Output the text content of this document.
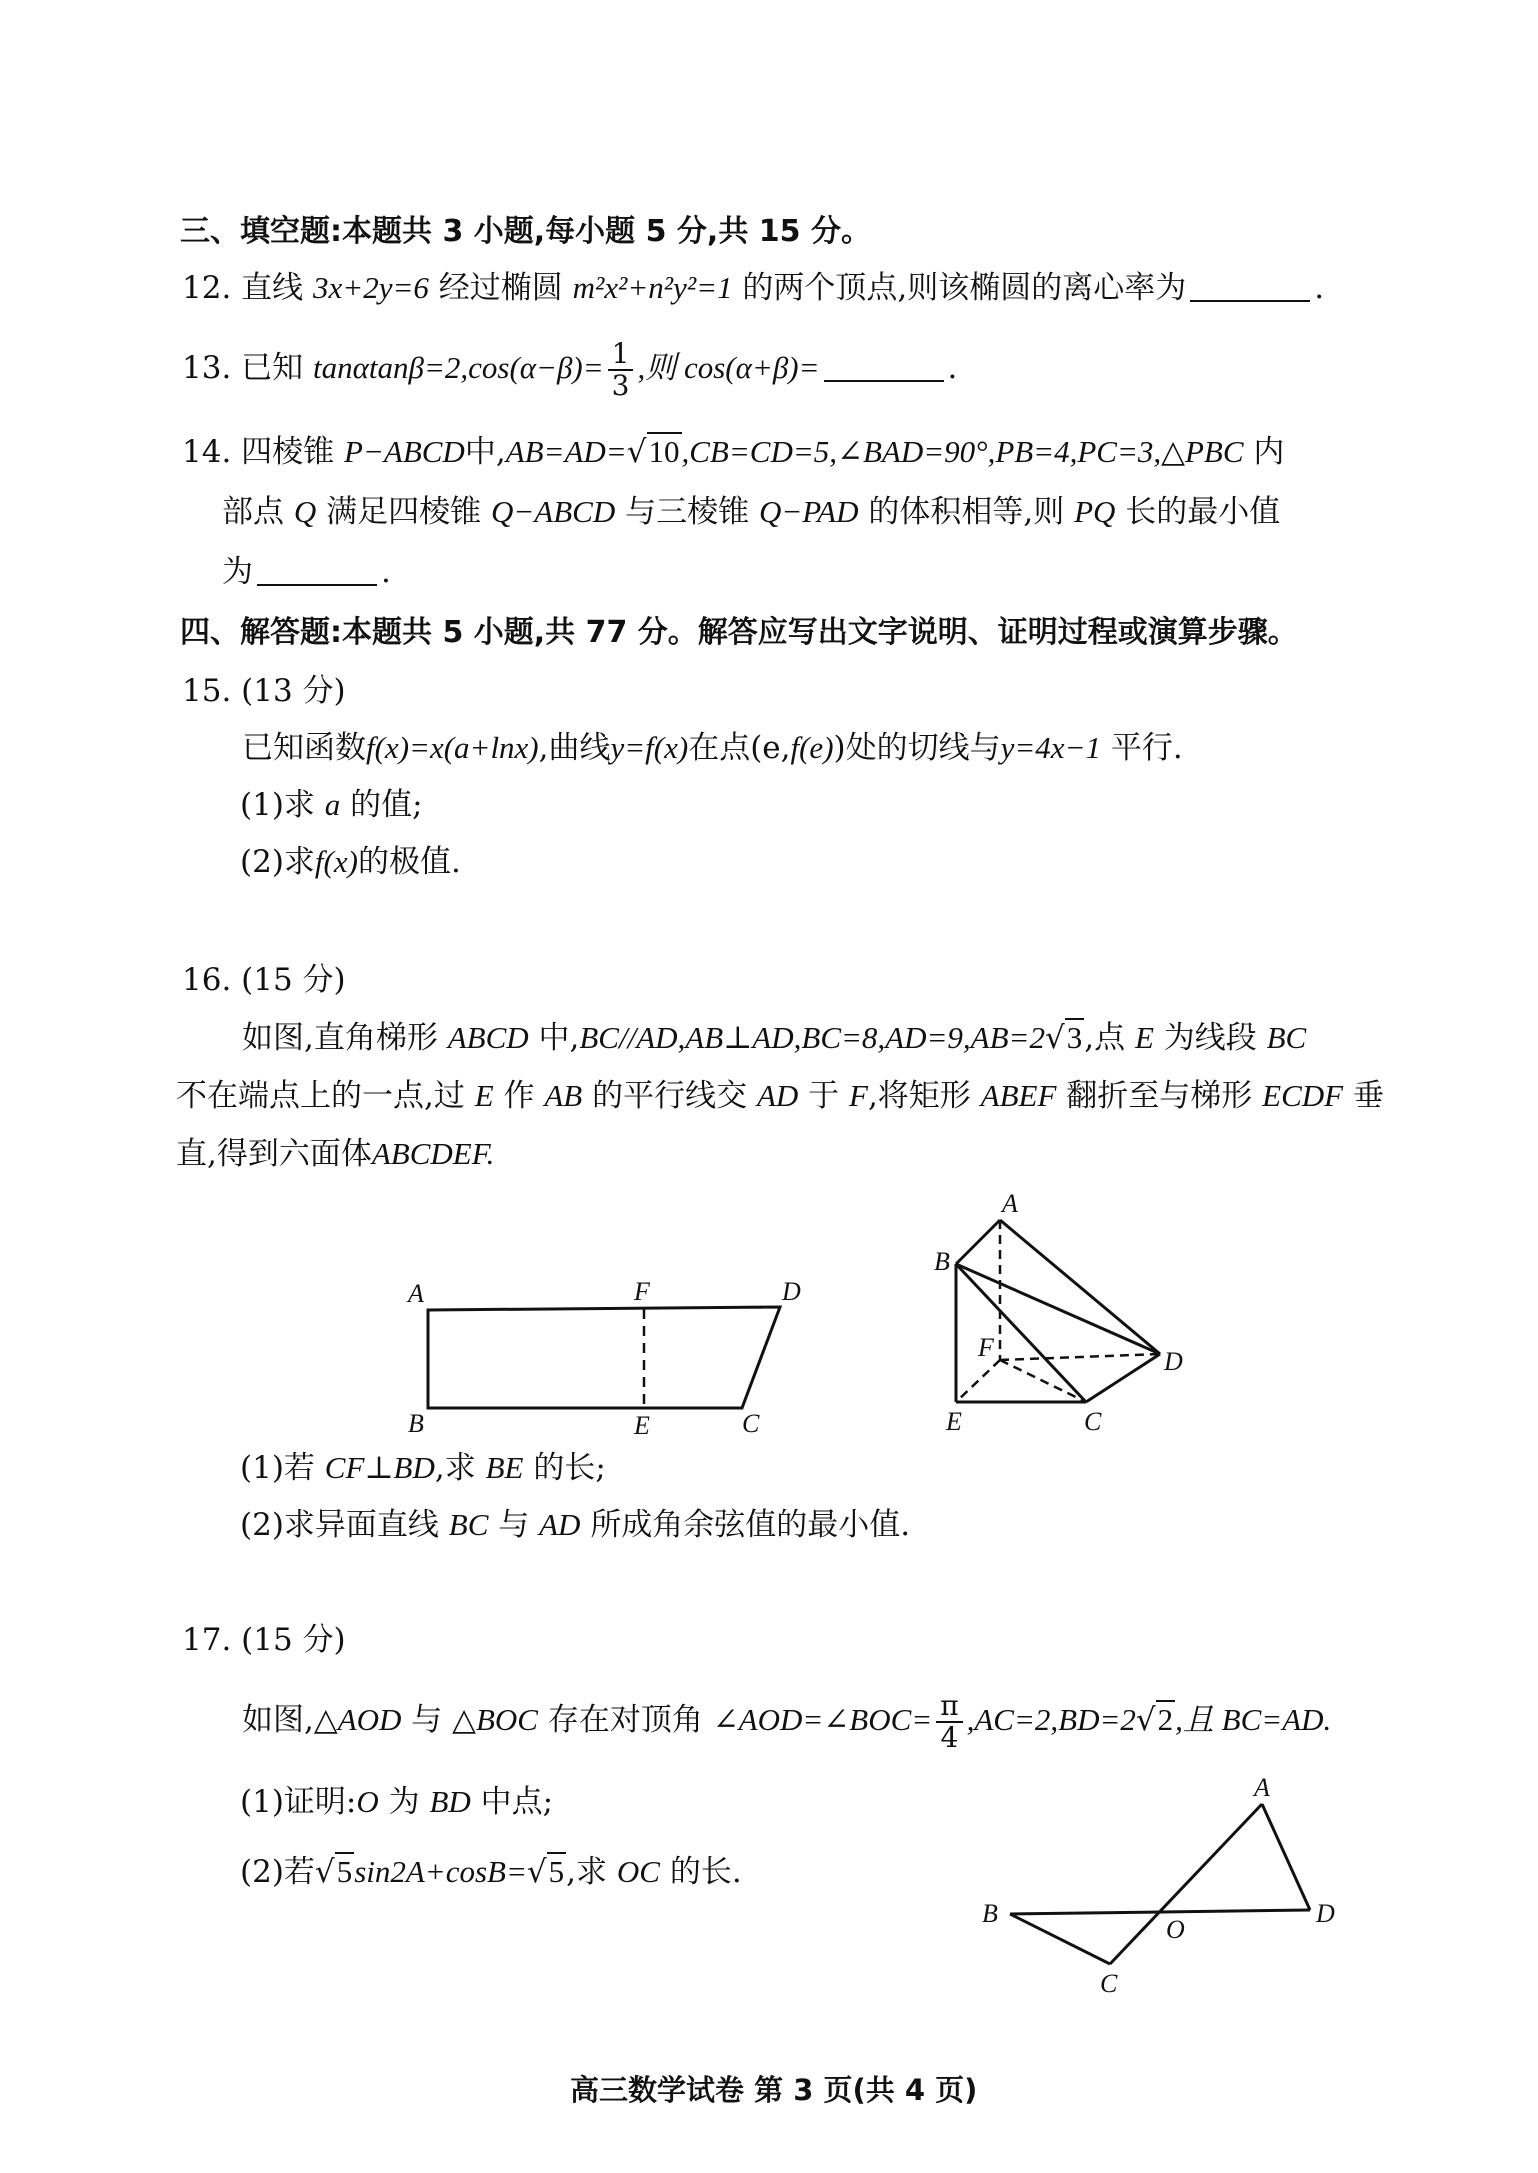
三、填空题:本题共 3 小题,每小题 5 分,共 15 分。
12. 直线 3x+2y=6 经过椭圆 m²x²+n²y²=1 的两个顶点,则该椭圆的离心率为	.
13. 已知 $\tan\alpha\tan\beta=2,\cos(\alpha-\beta)= \frac{1}{3}$ ,则 cos(α+β)=	.
14. 四棱锥 P−ABCD中,AB=AD=√10,CB=CD=5,∠BAD=90°,PB=4,PC=3,△PBC 内
部点 Q 满足四棱锥 Q−ABCD 与三棱锥 Q−PAD 的体积相等,则 PQ 长的最小值
为	.
四、解答题:本题共 5 小题,共 77 分。解答应写出文字说明、证明过程或演算步骤。
15. (13 分)
已知函数f(x)=x(a+lnx),曲线y=f(x)在点(e,f(e))处的切线与y=4x−1 平行.
(1)求 a 的值;
(2)求f(x)的极值.
16. (15 分)
如图,直角梯形 ABCD 中,BC//AD,AB⊥AD,BC=8,AD=9,AB=2√3,点 E 为线段 BC
不在端点上的一点,过 E 作 AB 的平行线交 AD 于 F,将矩形 ABEF 翻折至与梯形 ECDF 垂
直,得到六面体ABCDEF.
A	F	D
B	E	C
A
B
F	D
E	C
(1)若 CF⊥BD,求 BE 的长;
(2)求异面直线 BC 与 AD 所成角余弦值的最小值.
17. (15 分)
如图,△AOD 与 △BOC 存在对顶角 ∠AOD=∠BOC= $\frac{\pi}{4} ,AC=2,BD=2√2$,且 BC=AD.
(1)证明:O 为 BD 中点;
(2)若√5sin2A+cosB=√5,求 OC 的长.
A
B
O
D
C
高三数学试卷 第 3 页(共 4 页)
